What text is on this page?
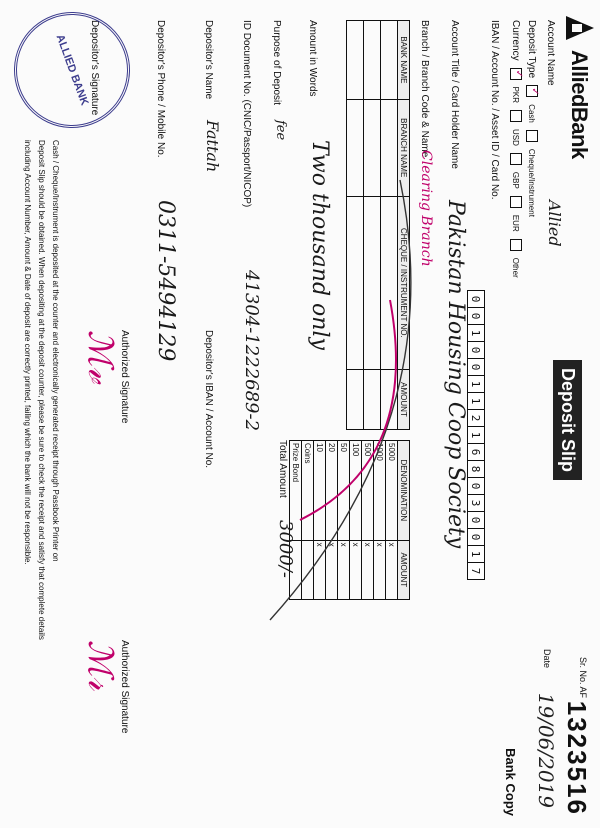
AlliedBank
Deposit Slip
Sr. No. AF
1323516
Date
19/06/2019
Bank Copy
Account Name
Allied
Deposit Type
✓
Cash
Cheque/Instrument
Currency
✓
PKR
USD
GBP
EUR
Other
IBAN / Account No. / Asset ID / Card No.
0
0
1
0
0
1
1
2
1
6
8
0
3
0
0
1
7
Account Title / Card Holder Name
Pakistan Housing Coop Society
Branch / Branch Code & Name
Clearing Branch
BANK NAME	BRANCH NAME	CHEQUE / INSTRUMENT NO.	AMOUNT

DENOMINATION	AMOUNT
5000	x
1000	x
500	x
100	x
50	x
20	x
10	x
Coins	
Prize Bond	
Amount in Words
Two thousand only
Total Amount
3000/-
Purpose of Deposit
fee
ID Document No. (CNIC/Passport/NICOP)
41304-1222689-2
Depositor's Name
Fattah
Depositor's IBAN / Account No.
Depositor's Phone / Mobile No.
0311-5494129
Authorized Signature
ℳ𝓋
Authorized Signature
ℳ𝓇
Depositor's Signature
ALLIED BANK
Cash / Cheque/Instrument is deposited at the counter and electronically generated receipt through Passbook Printer on
Deposit Slip should be obtained. When depositing at the deposit counter, please be sure to check the receipt and satisfy that complete details
including Account Number, Amount & Date of deposit are correctly printed, failing which the bank will not be responsible.
